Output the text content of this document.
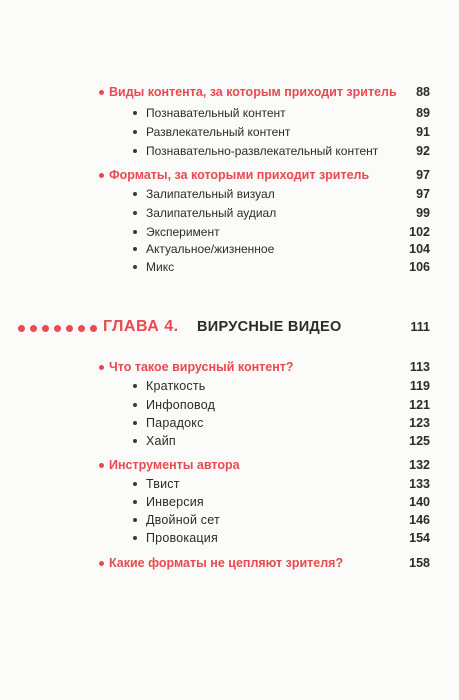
Виды контента, за которым приходит зритель 88
Познавательный контент	89
Развлекательный контент	91
Познавательно-развлекательный контент	92
Форматы, за которыми приходит зритель	97
Залипательный визуал	97
Залипательный аудиал	99
Эксперимент	102
Актуальное/жизненное	104
Микс	106
ГЛАВА 4. ВИРУСНЫЕ ВИДЕО	111
Что такое вирусный контент?	113
Краткость	119
Инфоповод	121
Парадокс	123
Хайп	125
Инструменты автора	132
Твист	133
Инверсия	140
Двойной сет	146
Провокация	154
Какие форматы не цепляют зрителя?	158
